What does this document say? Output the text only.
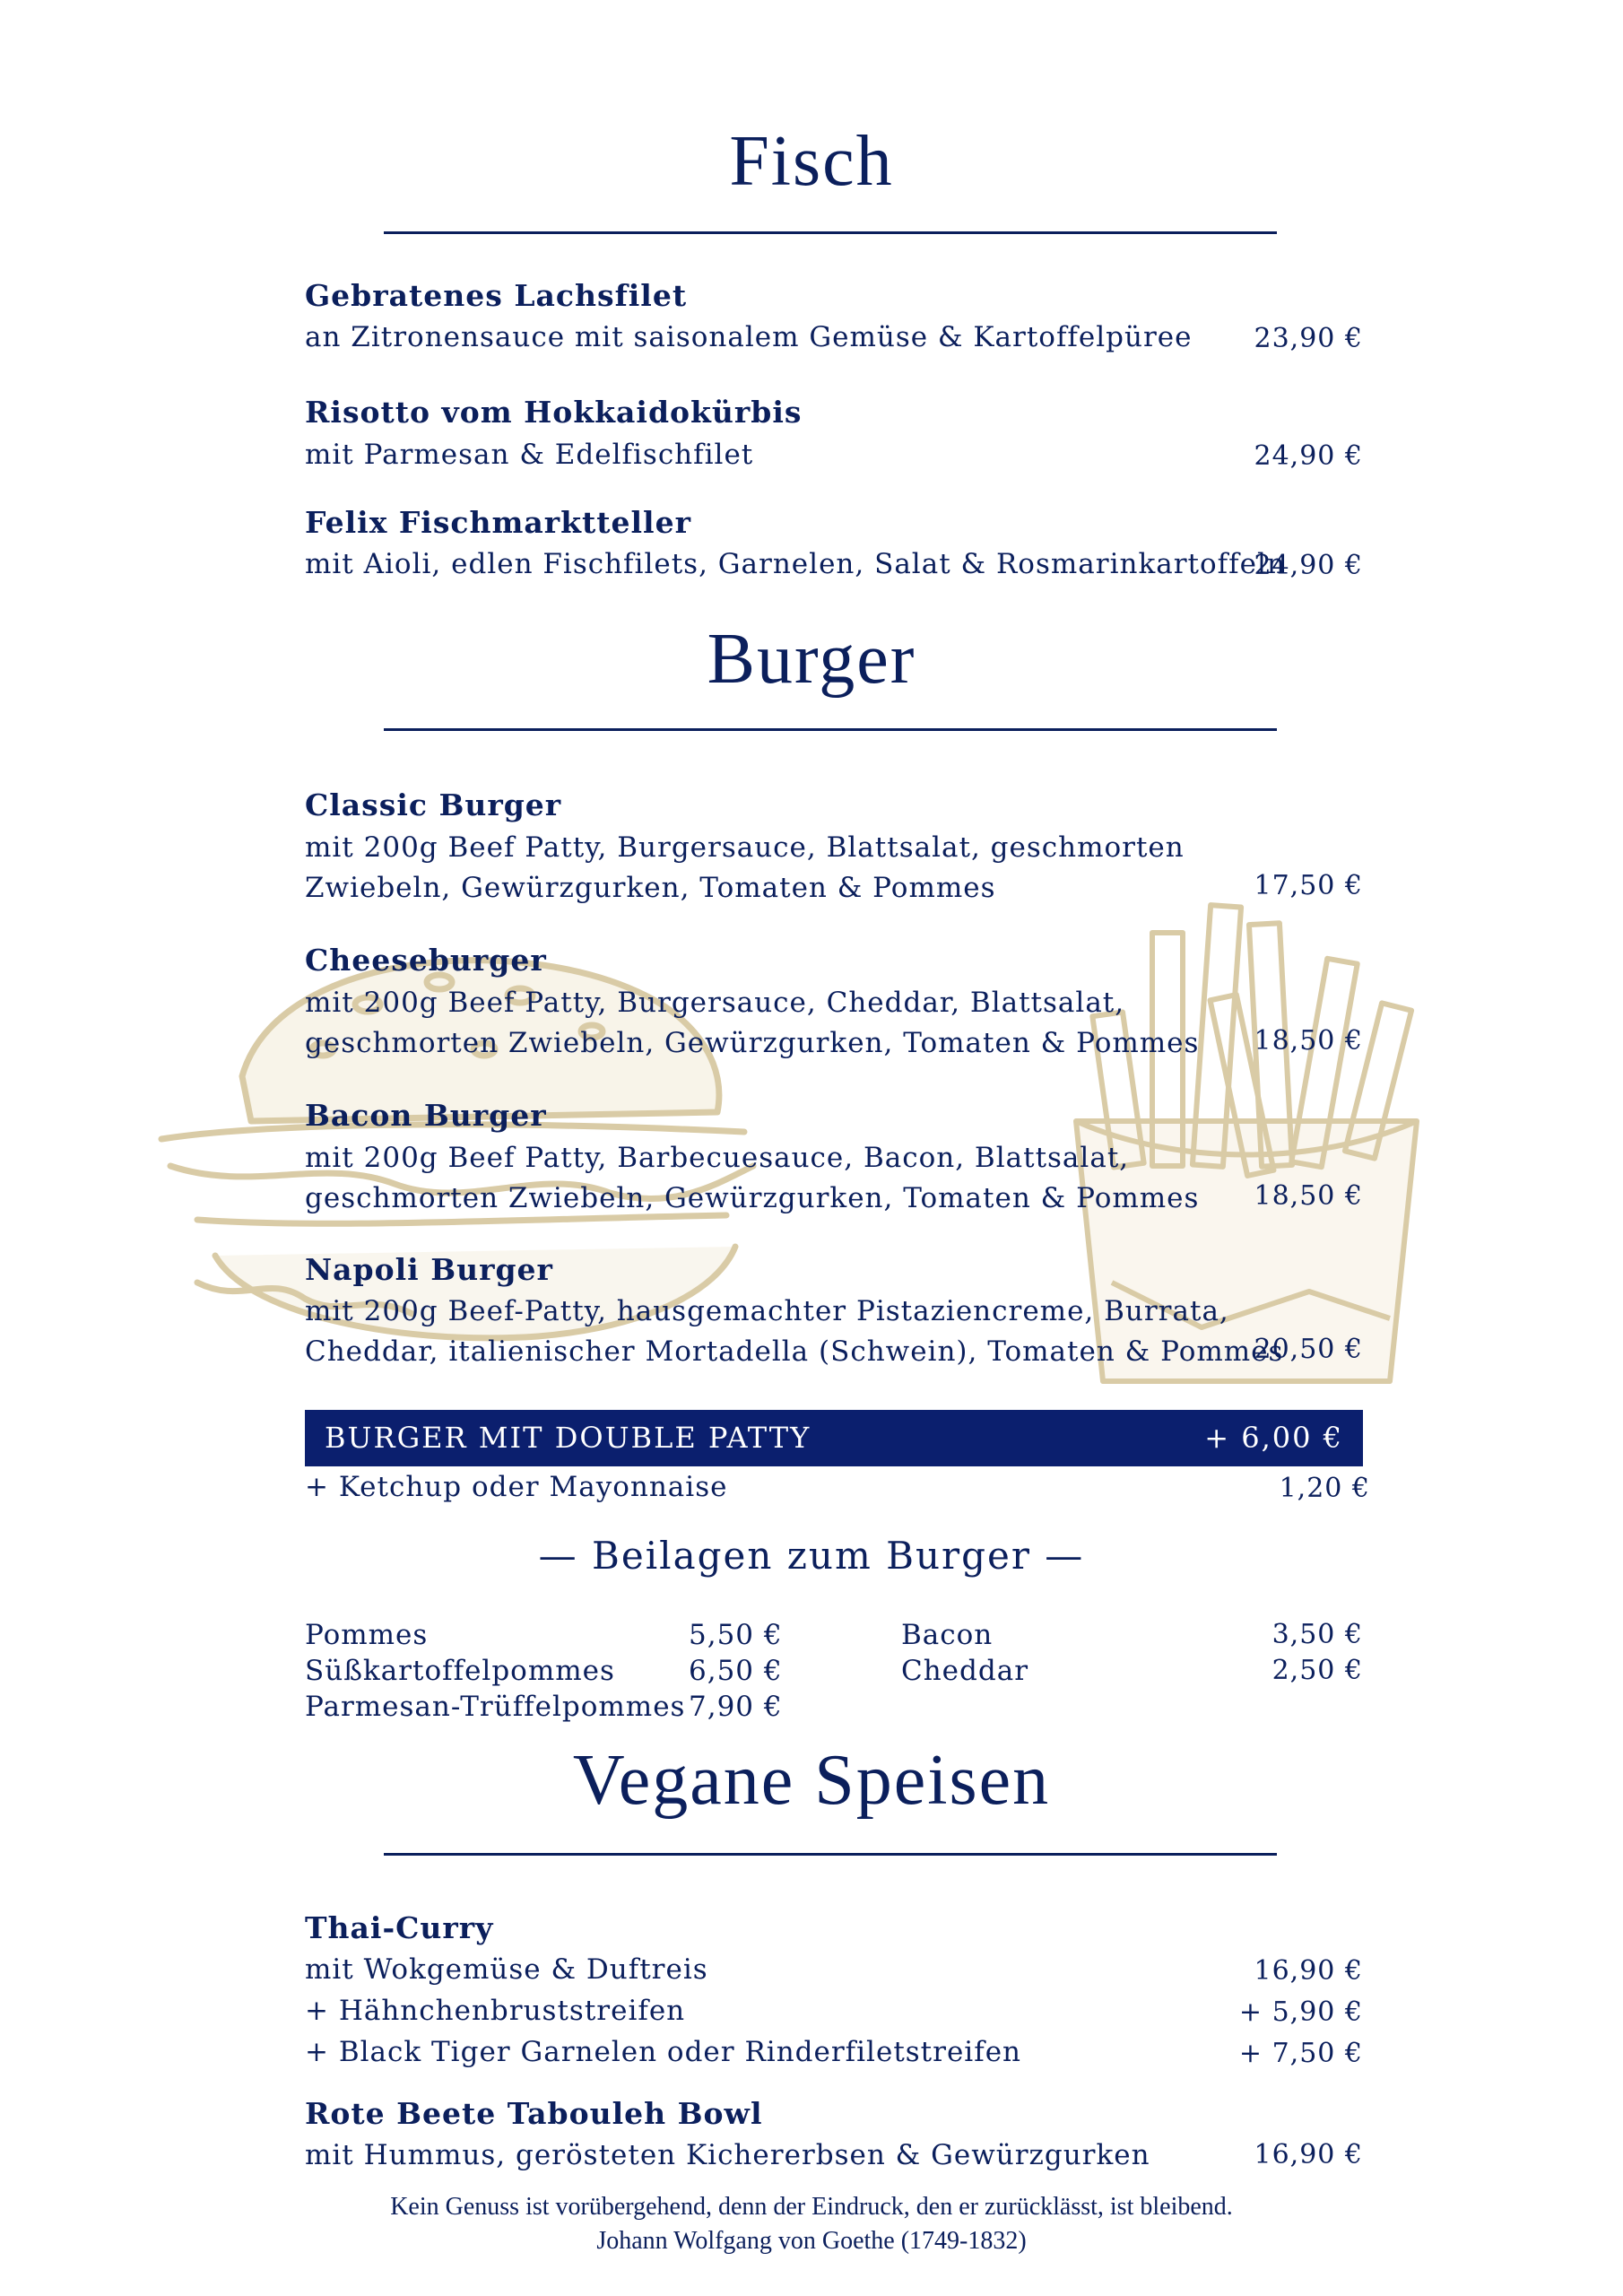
Fisch
Gebratenes Lachsfilet
an Zitronensauce mit saisonalem Gemüse & Kartoffelpüree 23,90 €
Risotto vom Hokkaidokürbis
mit Parmesan & Edelfischfilet	24,90 €
Felix Fischmarktteller
mit Aioli, edlen Fischfilets, Garnelen, Salat & Rosmarinkartoffeln
24,90 €
Burger
Classic Burger
mit 200g Beef Patty, Burgersauce, Blattsalat, geschmorten
Zwiebeln, Gewürzgurken, Tomaten & Pommes	17,50 €
Cheeseburger
mit 200g Beef Patty, Burgersauce, Cheddar, Blattsalat,
geschmorten Zwiebeln, Gewürzgurken, Tomaten & Pommes 18,50 €
Bacon Burger
mit 200g Beef Patty, Barbecuesauce, Bacon, Blattsalat,
geschmorten Zwiebeln, Gewürzgurken, Tomaten & Pommes 18,50 €
Napoli Burger
mit 200g Beef-Patty, hausgemachter Pistaziencreme, Burrata,
Cheddar, italienischer Mortadella (Schwein), Tomaten & Pommes
20,50 €
BURGER MIT DOUBLE PATTY	+ 6,00 €
+ Ketchup oder Mayonnaise	1,20 €
— Beilagen zum Burger —
Pommes	5,50 €
Süßkartoffelpommes	6,50 €
Parmesan-Trüffelpommes 7,90 €
Bacon	3,50 €
Cheddar	2,50 €
Vegane Speisen
Thai-Curry
mit Wokgemüse & Duftreis	16,90 €
+ Hähnchenbruststreifen	+ 5,90 €
+ Black Tiger Garnelen oder Rinderfiletstreifen	+ 7,50 €
Rote Beete Tabouleh Bowl
mit Hummus, gerösteten Kichererbsen & Gewürzgurken	16,90 €
Kein Genuss ist vorübergehend, denn der Eindruck, den er zurücklässt, ist bleibend.
Johann Wolfgang von Goethe (1749-1832)
